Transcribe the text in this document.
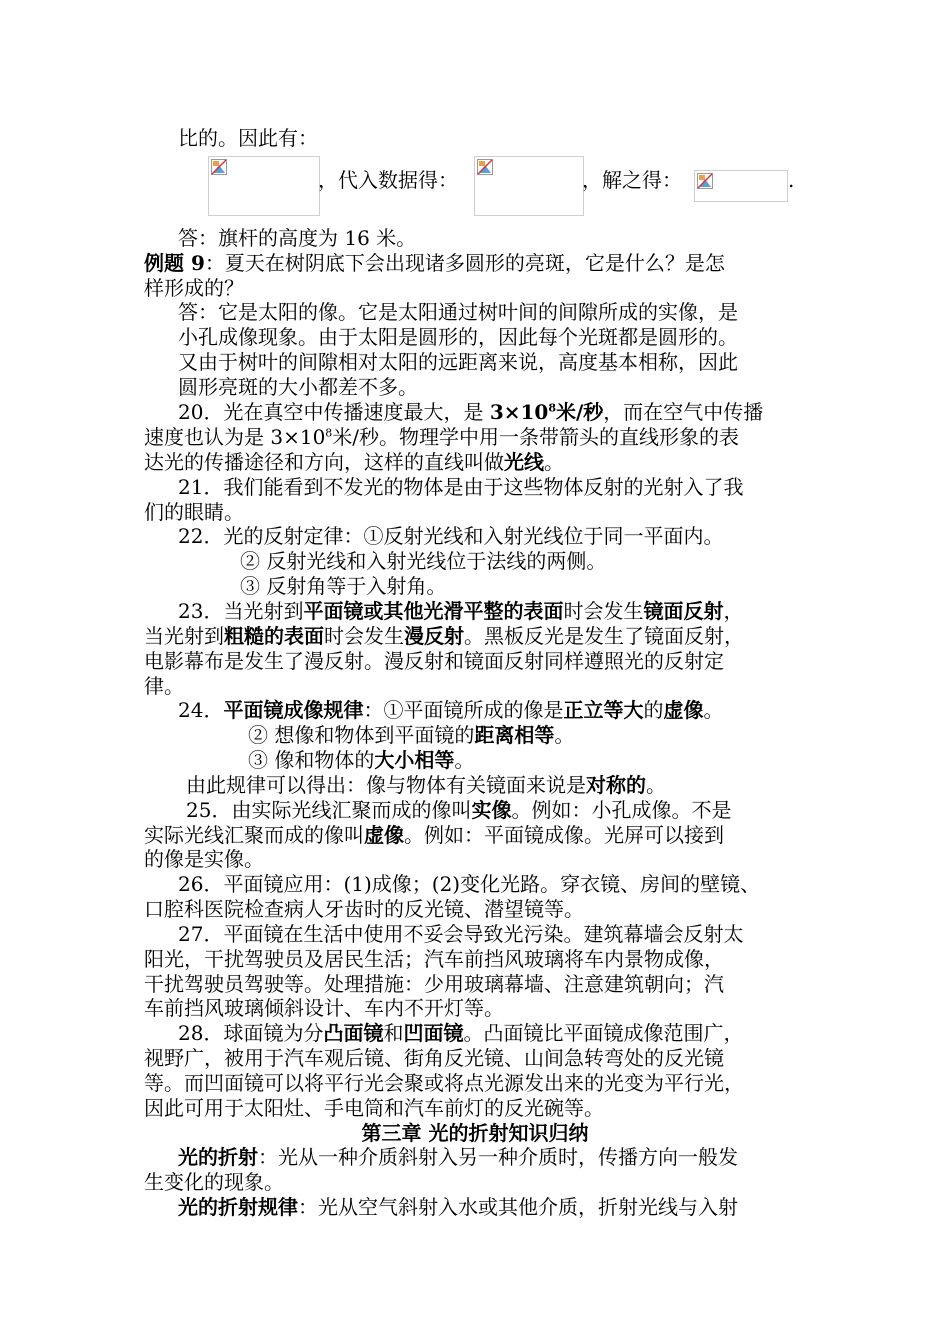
比的。因此有：
，代入数据得：	，解之得：	.
答：旗杆的高度为 16 米。
例题 9：夏天在树阴底下会出现诸多圆形的亮斑，它是什么？是怎
样形成的？
答：它是太阳的像。它是太阳通过树叶间的间隙所成的实像，是
小孔成像现象。由于太阳是圆形的，因此每个光斑都是圆形的。
又由于树叶的间隙相对太阳的远距离来说，高度基本相称，因此
圆形亮斑的大小都差不多。
20．光在真空中传播速度最大，是 $3\times 10^8$米/秒，而在空气中传播
速度也认为是 $3\times 10^8$米/秒。物理学中用一条带箭头的直线形象的表
达光的传播途径和方向，这样的直线叫做光线。
21．我们能看到不发光的物体是由于这些物体反射的光射入了我
们的眼睛。
22．光的反射定律：①反射光线和入射光线位于同一平面内。
② 反射光线和入射光线位于法线的两侧。
③ 反射角等于入射角。
23．当光射到平面镜或其他光滑平整的表面时会发生镜面反射，
当光射到粗糙的表面时会发生漫反射。黑板反光是发生了镜面反射，
电影幕布是发生了漫反射。漫反射和镜面反射同样遵照光的反射定
律。
24．平面镜成像规律：①平面镜所成的像是正立等大的虚像。
② 想像和物体到平面镜的距离相等。
③ 像和物体的大小相等。
由此规律可以得出：像与物体有关镜面来说是对称的。
25．由实际光线汇聚而成的像叫实像。例如：小孔成像。不是
实际光线汇聚而成的像叫虚像。例如：平面镜成像。光屏可以接到
的像是实像。
26．平面镜应用：(1)成像；(2)变化光路。穿衣镜、房间的壁镜、
口腔科医院检查病人牙齿时的反光镜、潜望镜等。
27．平面镜在生活中使用不妥会导致光污染。建筑幕墙会反射太
阳光，干扰驾驶员及居民生活；汽车前挡风玻璃将车内景物成像，
干扰驾驶员驾驶等。处理措施：少用玻璃幕墙、注意建筑朝向；汽
车前挡风玻璃倾斜设计、车内不开灯等。
28．球面镜为分凸面镜和凹面镜。凸面镜比平面镜成像范围广，
视野广，被用于汽车观后镜、街角反光镜、山间急转弯处的反光镜
等。而凹面镜可以将平行光会聚或将点光源发出来的光变为平行光，
因此可用于太阳灶、手电筒和汽车前灯的反光碗等。
第三章 光的折射知识归纳
光的折射：光从一种介质斜射入另一种介质时，传播方向一般发
生变化的现象。
光的折射规律：光从空气斜射入水或其他介质，折射光线与入射
